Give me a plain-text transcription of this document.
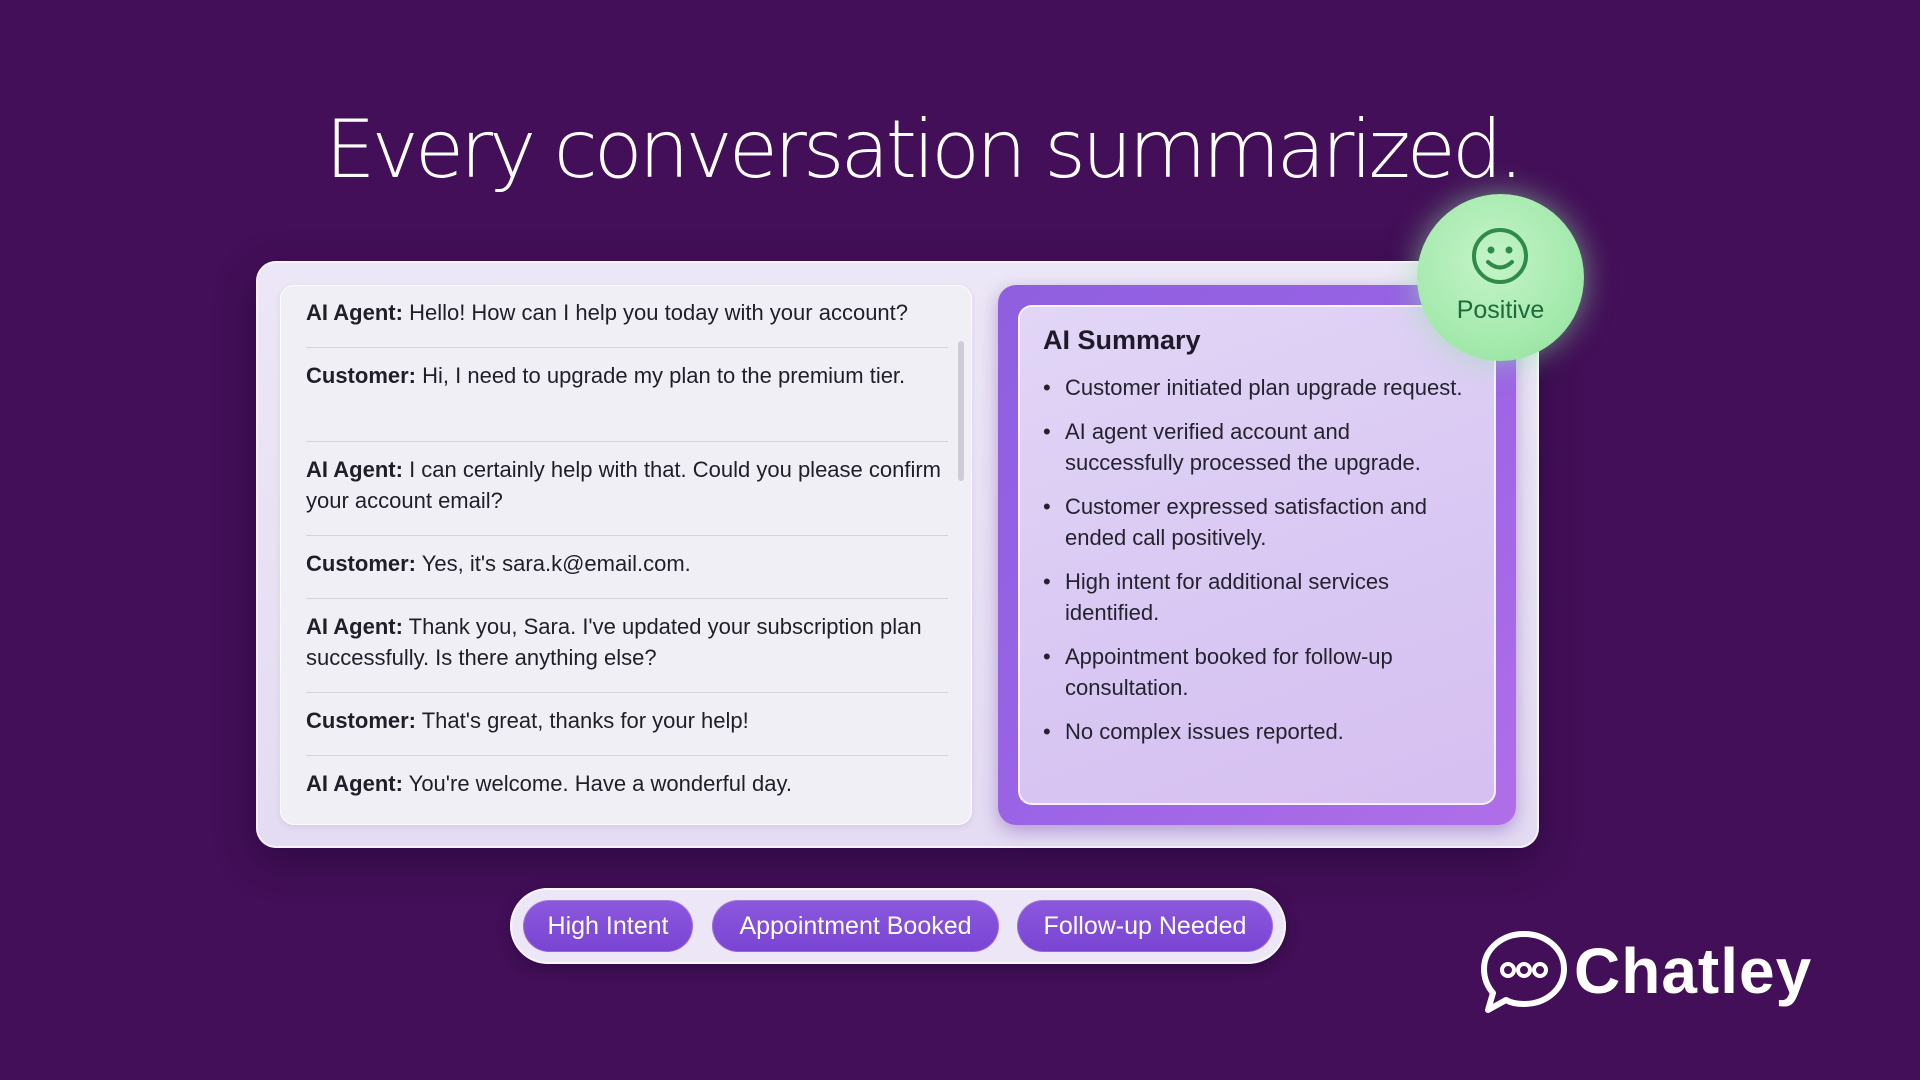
Every conversation summarized.
AI Agent: Hello! How can I help you today with your account?
Customer: Hi, I need to upgrade my plan to the premium tier.
AI Agent: I can certainly help with that. Could you please confirm your account email?
Customer: Yes, it's sara.k@email.com.
AI Agent: Thank you, Sara. I've updated your subscription plan successfully. Is there anything else?
Customer: That's great, thanks for your help!
AI Agent: You're welcome. Have a wonderful day.
AI Summary
• Customer initiated plan upgrade request.
• AI agent verified account and successfully processed the upgrade.
• Customer expressed satisfaction and ended call positively.
• High intent for additional services identified.
• Appointment booked for follow-up consultation.
• No complex issues reported.
Positive
High Intent	Appointment Booked	Follow-up Needed
Chatley
